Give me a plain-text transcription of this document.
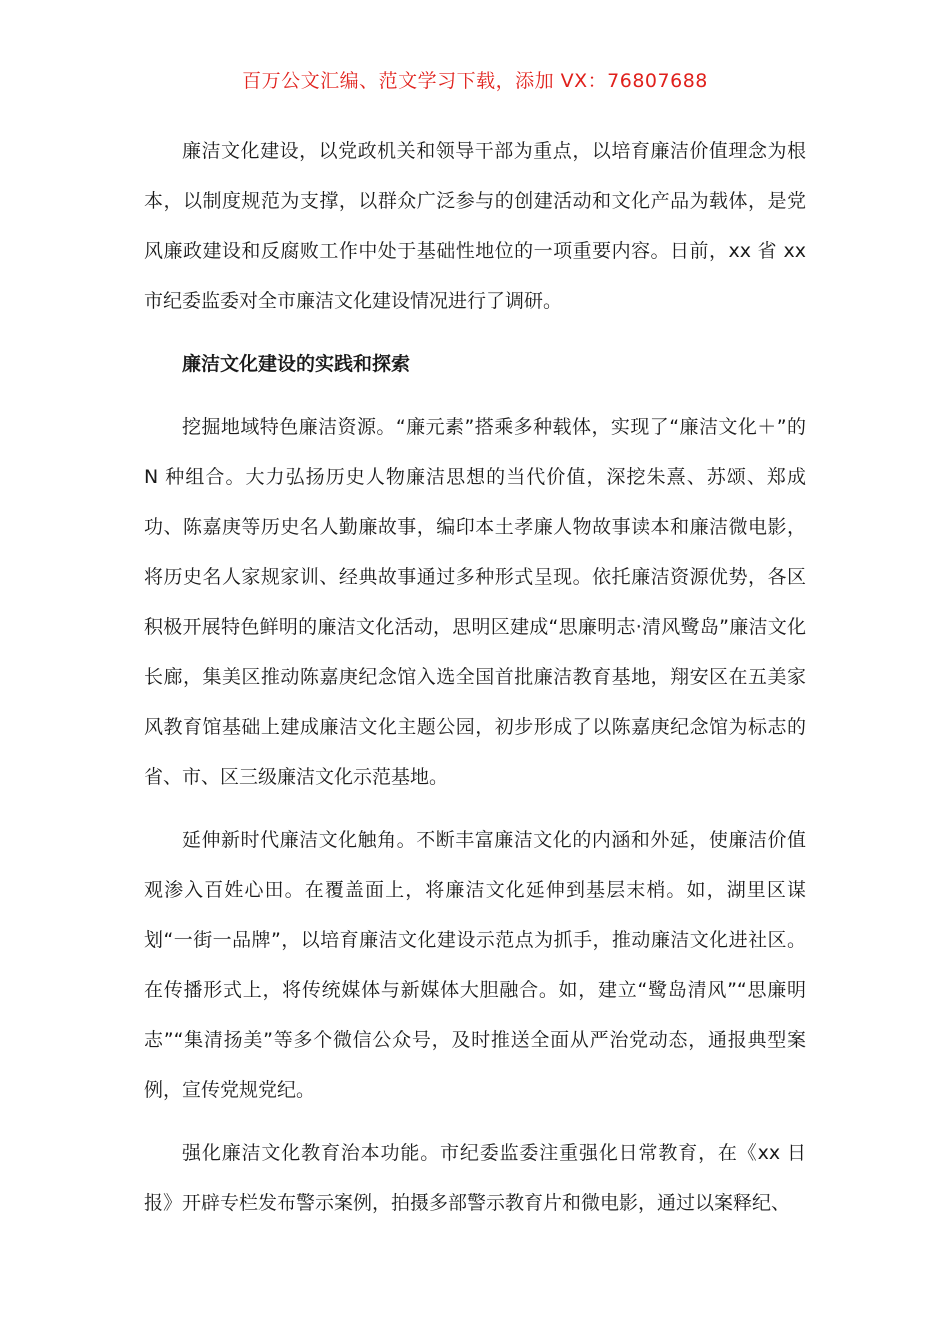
百万公文汇编、范文学习下载，添加 VX：76807688

廉洁文化建设，以党政机关和领导干部为重点，以培育廉洁价值理念为根本，以制度规范为支撑，以群众广泛参与的创建活动和文化产品为载体，是党风廉政建设和反腐败工作中处于基础性地位的一项重要内容。日前，xx 省 xx 市纪委监委对全市廉洁文化建设情况进行了调研。

廉洁文化建设的实践和探索

挖掘地域特色廉洁资源。“廉元素”搭乘多种载体，实现了“廉洁文化＋”的 N 种组合。大力弘扬历史人物廉洁思想的当代价值，深挖朱熹、苏颂、郑成功、陈嘉庚等历史名人勤廉故事，编印本土孝廉人物故事读本和廉洁微电影，将历史名人家规家训、经典故事通过多种形式呈现。依托廉洁资源优势，各区积极开展特色鲜明的廉洁文化活动，思明区建成“思廉明志·清风鹭岛”廉洁文化长廊，集美区推动陈嘉庚纪念馆入选全国首批廉洁教育基地，翔安区在五美家风教育馆基础上建成廉洁文化主题公园，初步形成了以陈嘉庚纪念馆为标志的省、市、区三级廉洁文化示范基地。

延伸新时代廉洁文化触角。不断丰富廉洁文化的内涵和外延，使廉洁价值观渗入百姓心田。在覆盖面上，将廉洁文化延伸到基层末梢。如，湖里区谋划“一街一品牌”，以培育廉洁文化建设示范点为抓手，推动廉洁文化进社区。在传播形式上，将传统媒体与新媒体大胆融合。如，建立“鹭岛清风”“思廉明志”“集清扬美”等多个微信公众号，及时推送全面从严治党动态，通报典型案例，宣传党规党纪。

强化廉洁文化教育治本功能。市纪委监委注重强化日常教育，在《xx 日报》开辟专栏发布警示案例，拍摄多部警示教育片和微电影，通过以案释纪、
